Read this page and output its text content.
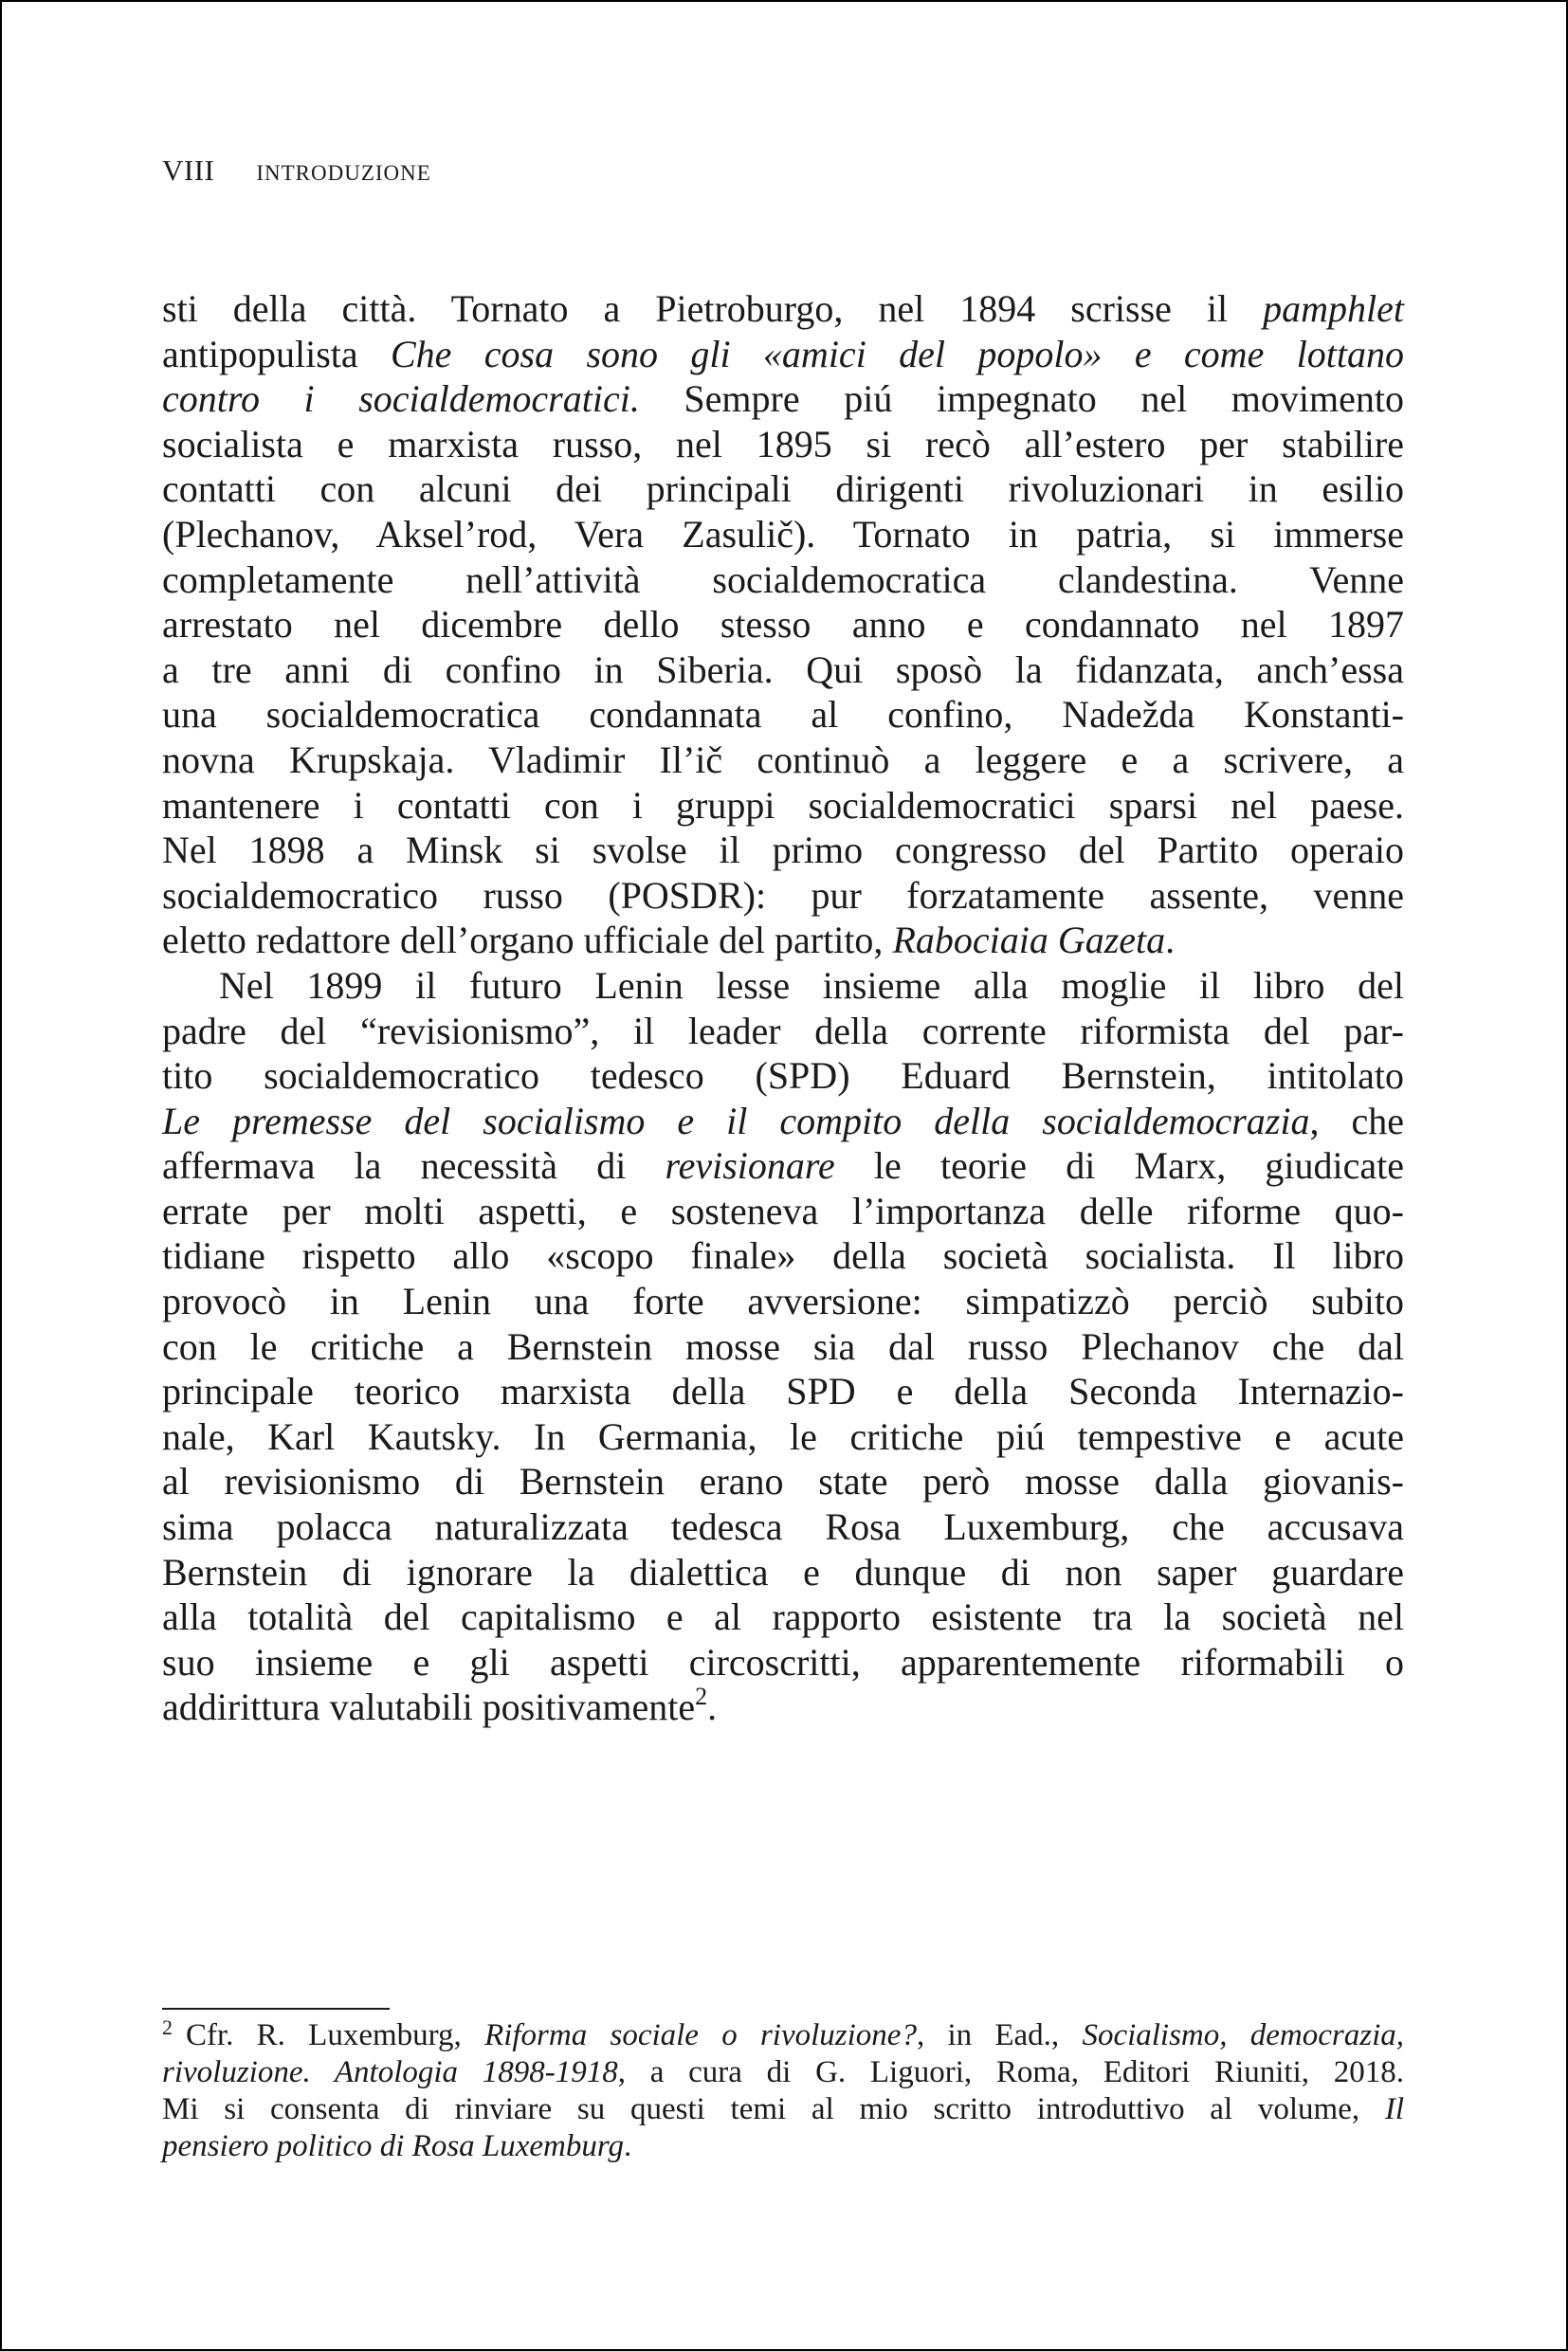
VIII INTRODUZIONE
sti della città. Tornato a Pietroburgo, nel 1894 scrisse il pamphlet
antipopulista Che cosa sono gli «amici del popolo» e come lottano
contro i socialdemocratici. Sempre piú impegnato nel movimento
socialista e marxista russo, nel 1895 si recò all’estero per stabilire
contatti con alcuni dei principali dirigenti rivoluzionari in esilio
(Plechanov, Aksel’rod, Vera Zasulič). Tornato in patria, si immerse
completamente nell’attività socialdemocratica clandestina. Venne
arrestato nel dicembre dello stesso anno e condannato nel 1897
a tre anni di confino in Siberia. Qui sposò la fidanzata, anch’essa
una socialdemocratica condannata al confino, Nadežda Konstanti-
novna Krupskaja. Vladimir Il’ič continuò a leggere e a scrivere, a
mantenere i contatti con i gruppi socialdemocratici sparsi nel paese.
Nel 1898 a Minsk si svolse il primo congresso del Partito operaio
socialdemocratico russo (POSDR): pur forzatamente assente, venne
eletto redattore dell’organo ufficiale del partito, Rabociaia Gazeta.
Nel 1899 il futuro Lenin lesse insieme alla moglie il libro del
padre del “revisionismo”, il leader della corrente riformista del par-
tito socialdemocratico tedesco (SPD) Eduard Bernstein, intitolato
Le premesse del socialismo e il compito della socialdemocrazia, che
affermava la necessità di revisionare le teorie di Marx, giudicate
errate per molti aspetti, e sosteneva l’importanza delle riforme quo-
tidiane rispetto allo «scopo finale» della società socialista. Il libro
provocò in Lenin una forte avversione: simpatizzò perciò subito
con le critiche a Bernstein mosse sia dal russo Plechanov che dal
principale teorico marxista della SPD e della Seconda Internazio-
nale, Karl Kautsky. In Germania, le critiche piú tempestive e acute
al revisionismo di Bernstein erano state però mosse dalla giovanis-
sima polacca naturalizzata tedesca Rosa Luxemburg, che accusava
Bernstein di ignorare la dialettica e dunque di non saper guardare
alla totalità del capitalismo e al rapporto esistente tra la società nel
suo insieme e gli aspetti circoscritti, apparentemente riformabili o
addirittura valutabili positivamente$^2$.
$^2$ Cfr. R. Luxemburg, Riforma sociale o rivoluzione?, in Ead., Socialismo, democrazia,
rivoluzione. Antologia 1898-1918, a cura di G. Liguori, Roma, Editori Riuniti, 2018.
Mi si consenta di rinviare su questi temi al mio scritto introduttivo al volume, Il
pensiero politico di Rosa Luxemburg.
